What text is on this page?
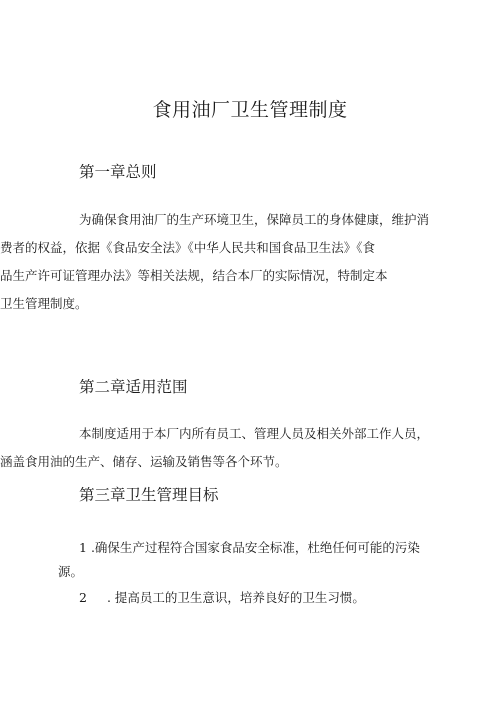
食用油厂卫生管理制度
第一章总则

为确保食用油厂的生产环境卫生，保障员工的身体健康，维护消

费者的权益，依据《食品安全法》《中华人民共和国食品卫生法》《食

品生产许可证管理办法》等相关法规，结合本厂的实际情况，特制定本

卫生管理制度。

第二章适用范围

本制度适用于本厂内所有员工、管理人员及相关外部工作人员，

涵盖食用油的生产、储存、运输及销售等各个环节。

第三章卫生管理目标
1 .确保生产过程符合国家食品安全标准，杜绝任何可能的污染
源。
2 . 提高员工的卫生意识，培养良好的卫生习惯。
